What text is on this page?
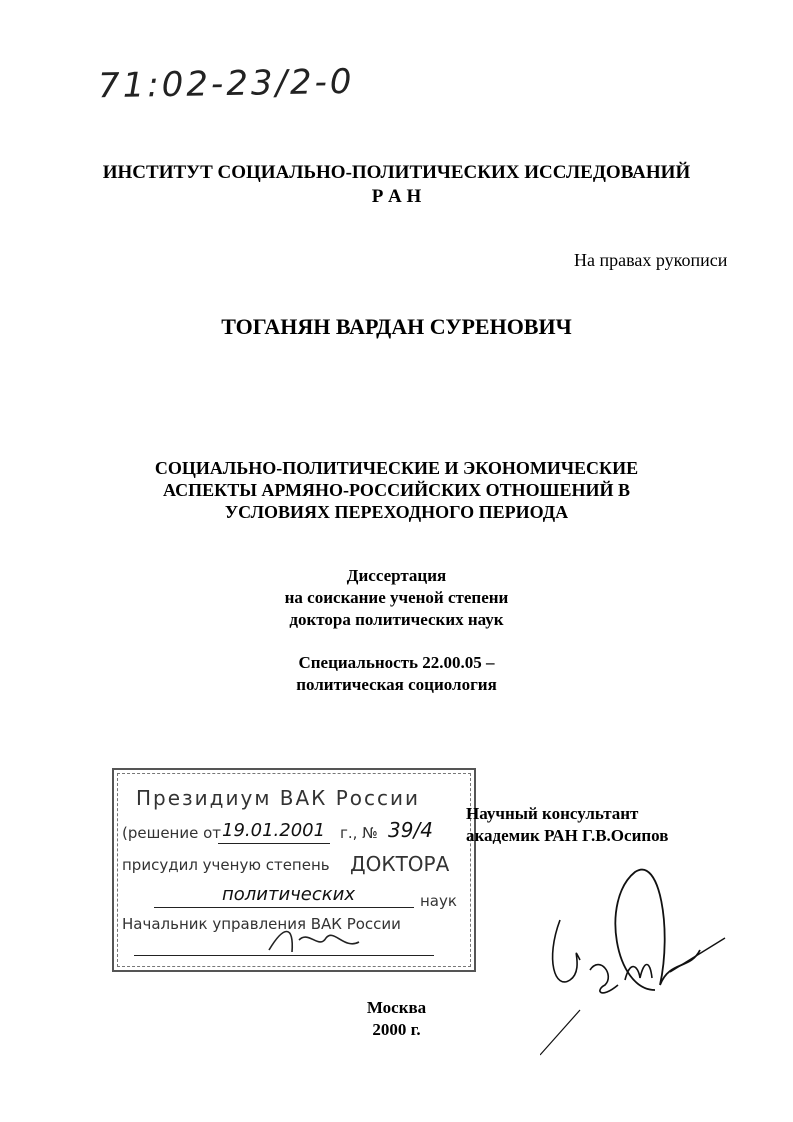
71:02-23/2-0
ИНСТИТУТ СОЦИАЛЬНО-ПОЛИТИЧЕСКИХ ИССЛЕДОВАНИЙ
Р А Н
На правах рукописи
ТОГАНЯН ВАРДАН СУРЕНОВИЧ
СОЦИАЛЬНО-ПОЛИТИЧЕСКИЕ И ЭКОНОМИЧЕСКИЕ
АСПЕКТЫ АРМЯНО-РОССИЙСКИХ ОТНОШЕНИЙ В
УСЛОВИЯХ ПЕРЕХОДНОГО ПЕРИОДА
Диссертация
на соискание ученой степени
доктора политических наук
Специальность 22.00.05 –
политическая социология
Президиум ВАК России
(решение от 19.01.2001 г., № 39/4
присудил ученую степень ДОКТОРА
политических	наук
Начальник управления ВАК России
Научный консультант
академик РАН Г.В.Осипов
Москва
2000 г.
